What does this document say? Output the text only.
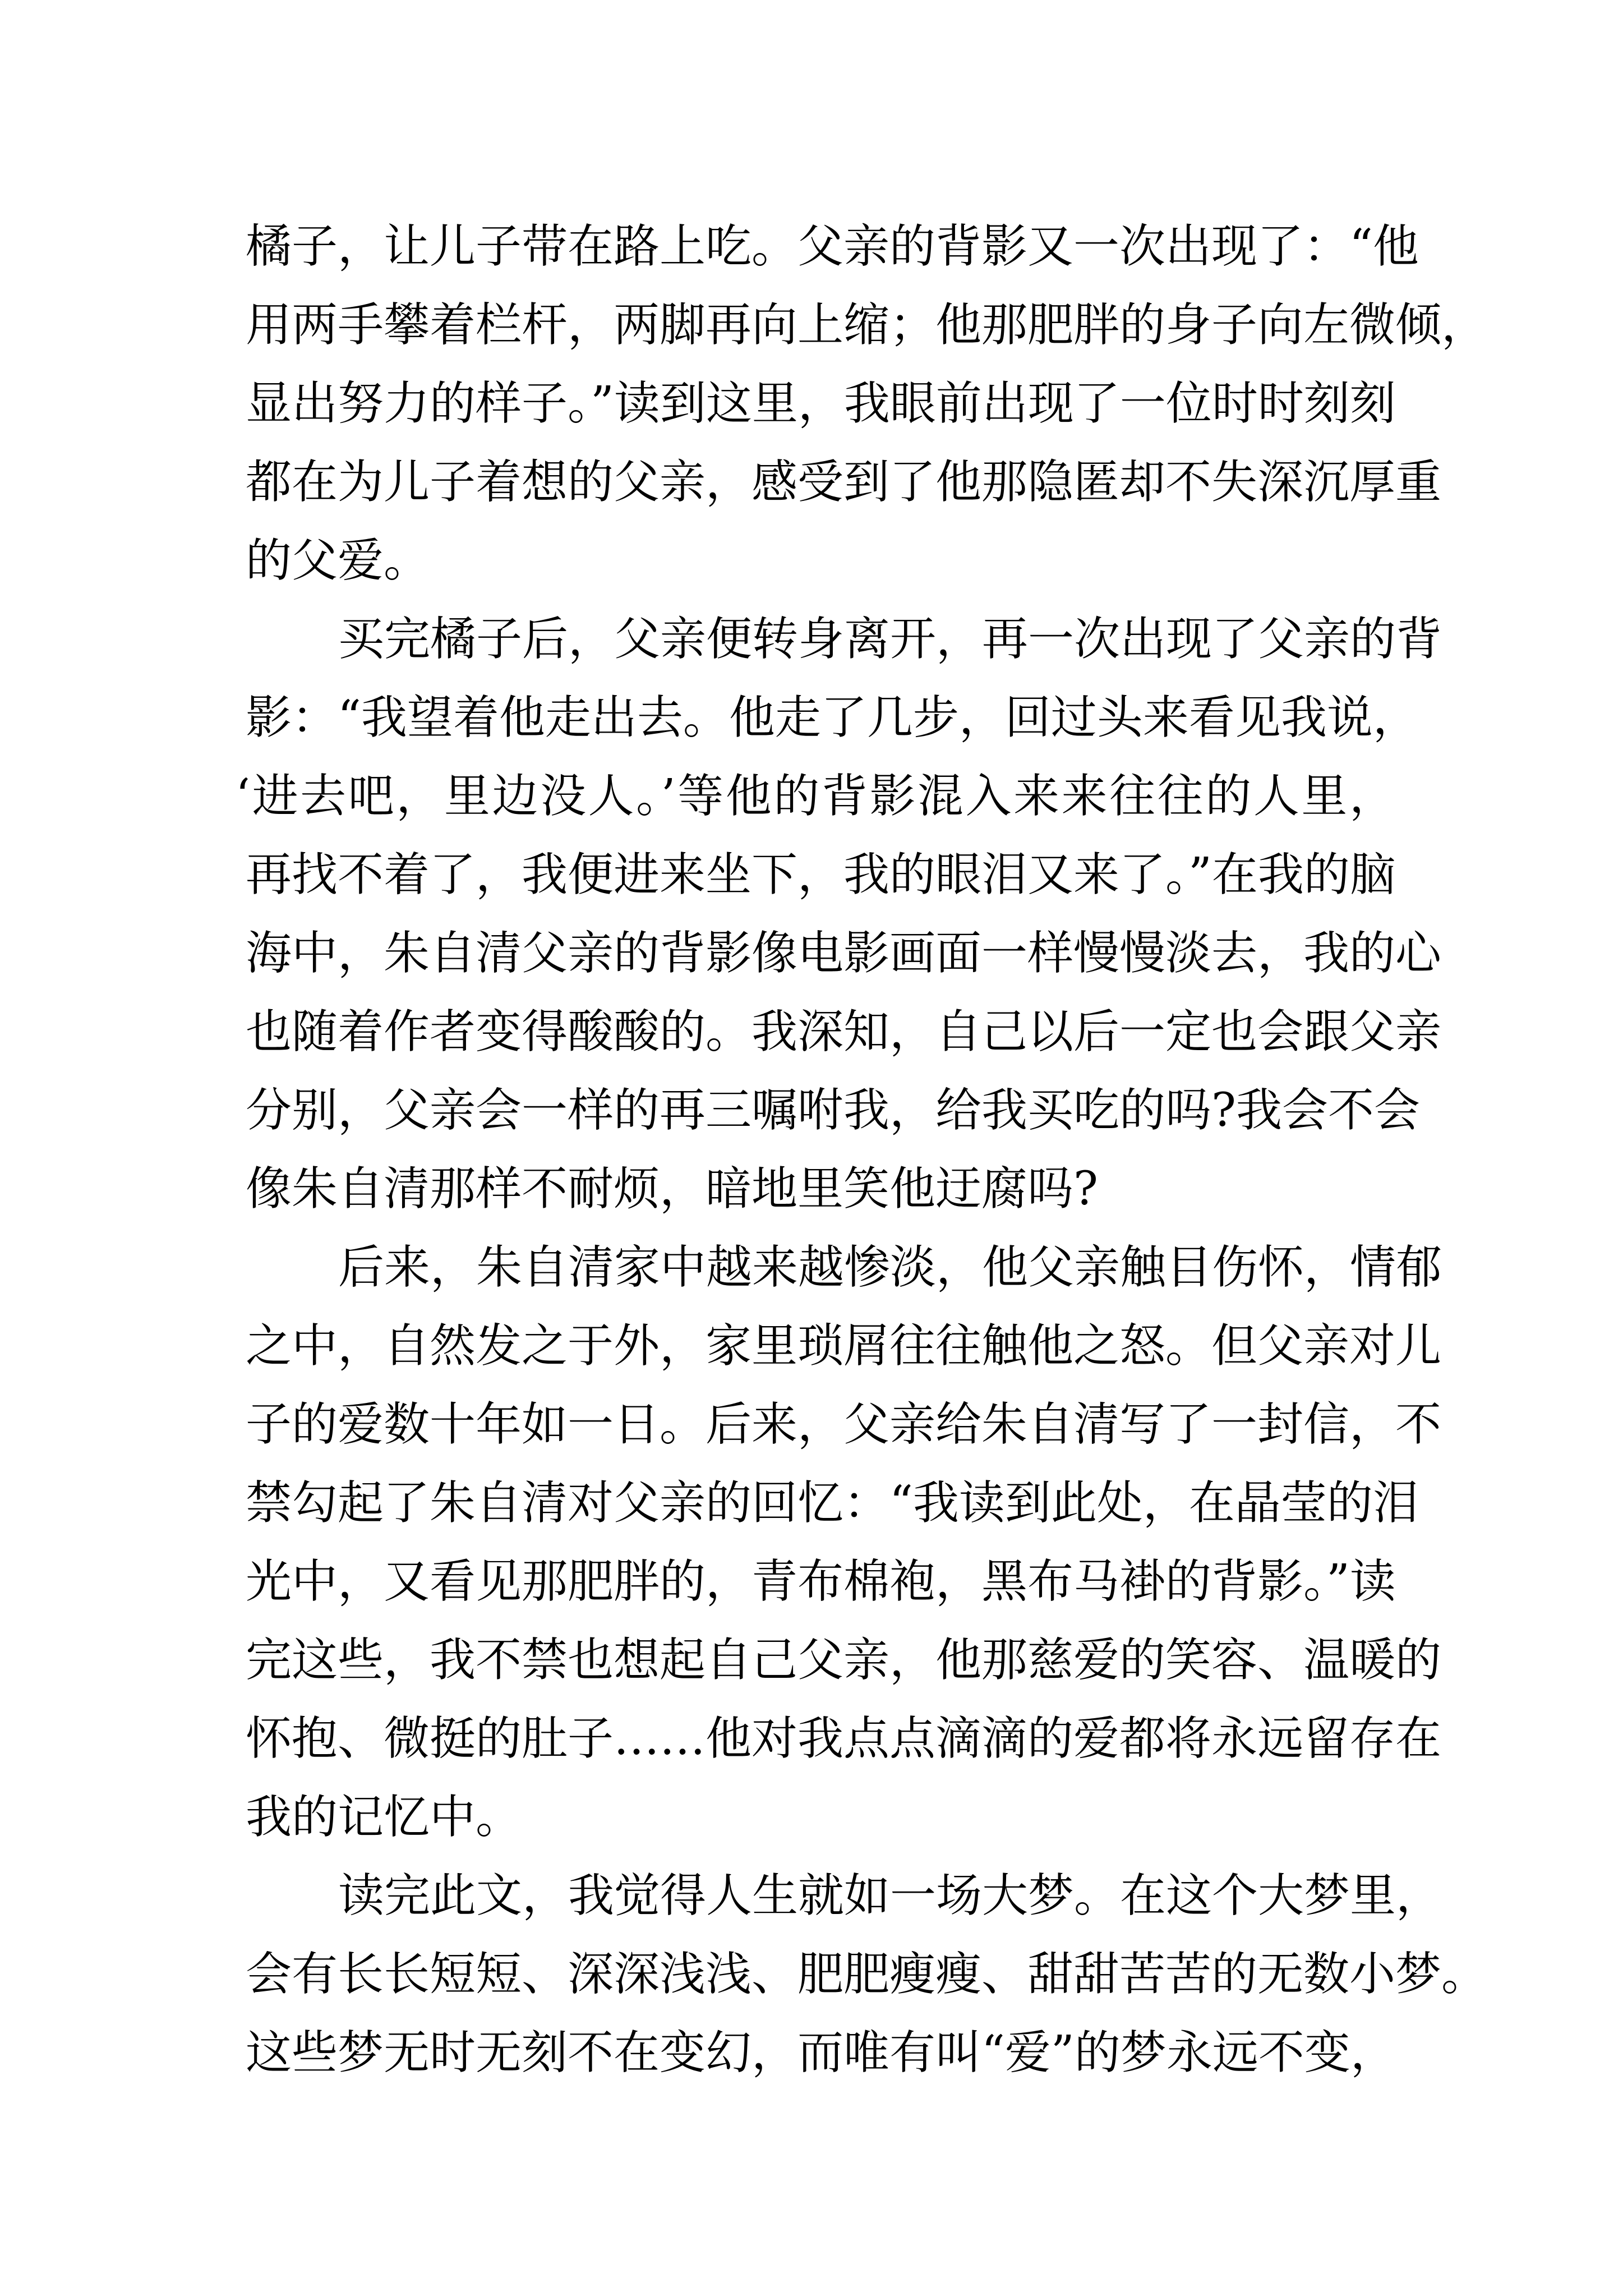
橘子，让儿子带在路上吃。父亲的背影又一次出现了：“他
用两手攀着栏杆，两脚再向上缩；他那肥胖的身子向左微倾，
显出努力的样子。”读到这里，我眼前出现了一位时时刻刻
都在为儿子着想的父亲，感受到了他那隐匿却不失深沉厚重
的父爱。
买完橘子后，父亲便转身离开，再一次出现了父亲的背
影：“我望着他走出去。他走了几步，回过头来看见我说，
‘进去吧，里边没人。’等他的背影混入来来往往的人里，
再找不着了，我便进来坐下，我的眼泪又来了。”在我的脑
海中，朱自清父亲的背影像电影画面一样慢慢淡去，我的心
也随着作者变得酸酸的。我深知，自己以后一定也会跟父亲
分别，父亲会一样的再三嘱咐我，给我买吃的吗?我会不会
像朱自清那样不耐烦，暗地里笑他迂腐吗?
后来，朱自清家中越来越惨淡，他父亲触目伤怀，情郁
之中，自然发之于外，家里琐屑往往触他之怒。但父亲对儿
子的爱数十年如一日。后来，父亲给朱自清写了一封信，不
禁勾起了朱自清对父亲的回忆：“我读到此处，在晶莹的泪
光中，又看见那肥胖的，青布棉袍，黑布马褂的背影。”读
完这些，我不禁也想起自己父亲，他那慈爱的笑容、温暖的
怀抱、微挺的肚子……他对我点点滴滴的爱都将永远留存在
我的记忆中。
读完此文，我觉得人生就如一场大梦。在这个大梦里，
会有长长短短、深深浅浅、肥肥瘦瘦、甜甜苦苦的无数小梦。
这些梦无时无刻不在变幻，而唯有叫“爱”的梦永远不变，
